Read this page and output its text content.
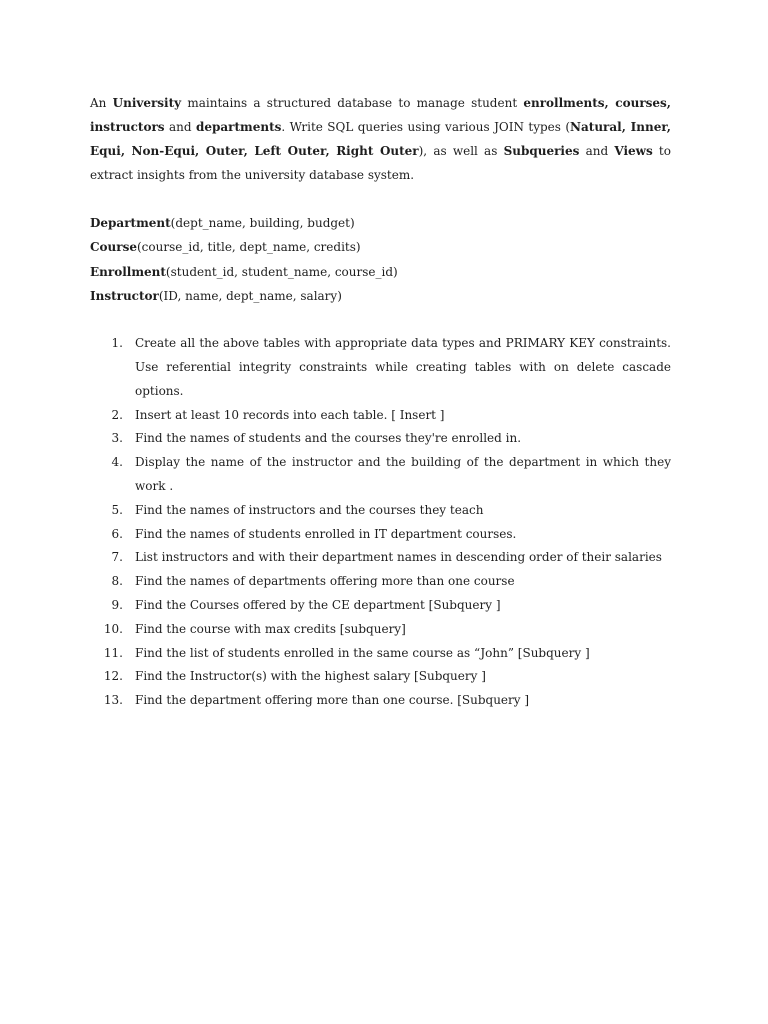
An University maintains a structured database to manage student enrollments, courses, instructors and departments. Write SQL queries using various JOIN types (Natural, Inner, Equi, Non-Equi, Outer, Left Outer, Right Outer), as well as Subqueries and Views to extract insights from the university database system.

Department(dept_name, building, budget)
Course(course_id, title, dept_name, credits)
Enrollment(student_id, student_name, course_id)
Instructor(ID, name, dept_name, salary)
1.	Create all the above tables with appropriate data types and PRIMARY KEY constraints. Use referential integrity constraints while creating tables with on delete cascade options.
2.	Insert at least 10 records into each table. [ Insert ]
3.	Find the names of students and the courses they're enrolled in.
4.	Display the name of the instructor and the building of the department in which they work .
5.	Find the names of instructors and the courses they teach
6.	Find the names of students enrolled in IT department courses.
7.	List instructors and with their department names in descending order of their salaries
8.	Find the names of departments offering more than one course
9.	Find the Courses offered by the CE department [Subquery ]
10.	Find the course with max credits [subquery]
11.	Find the list of students enrolled in the same course as “John” [Subquery ]
12.	Find the Instructor(s) with the highest salary [Subquery ]
13.	Find the department offering more than one course. [Subquery ]
